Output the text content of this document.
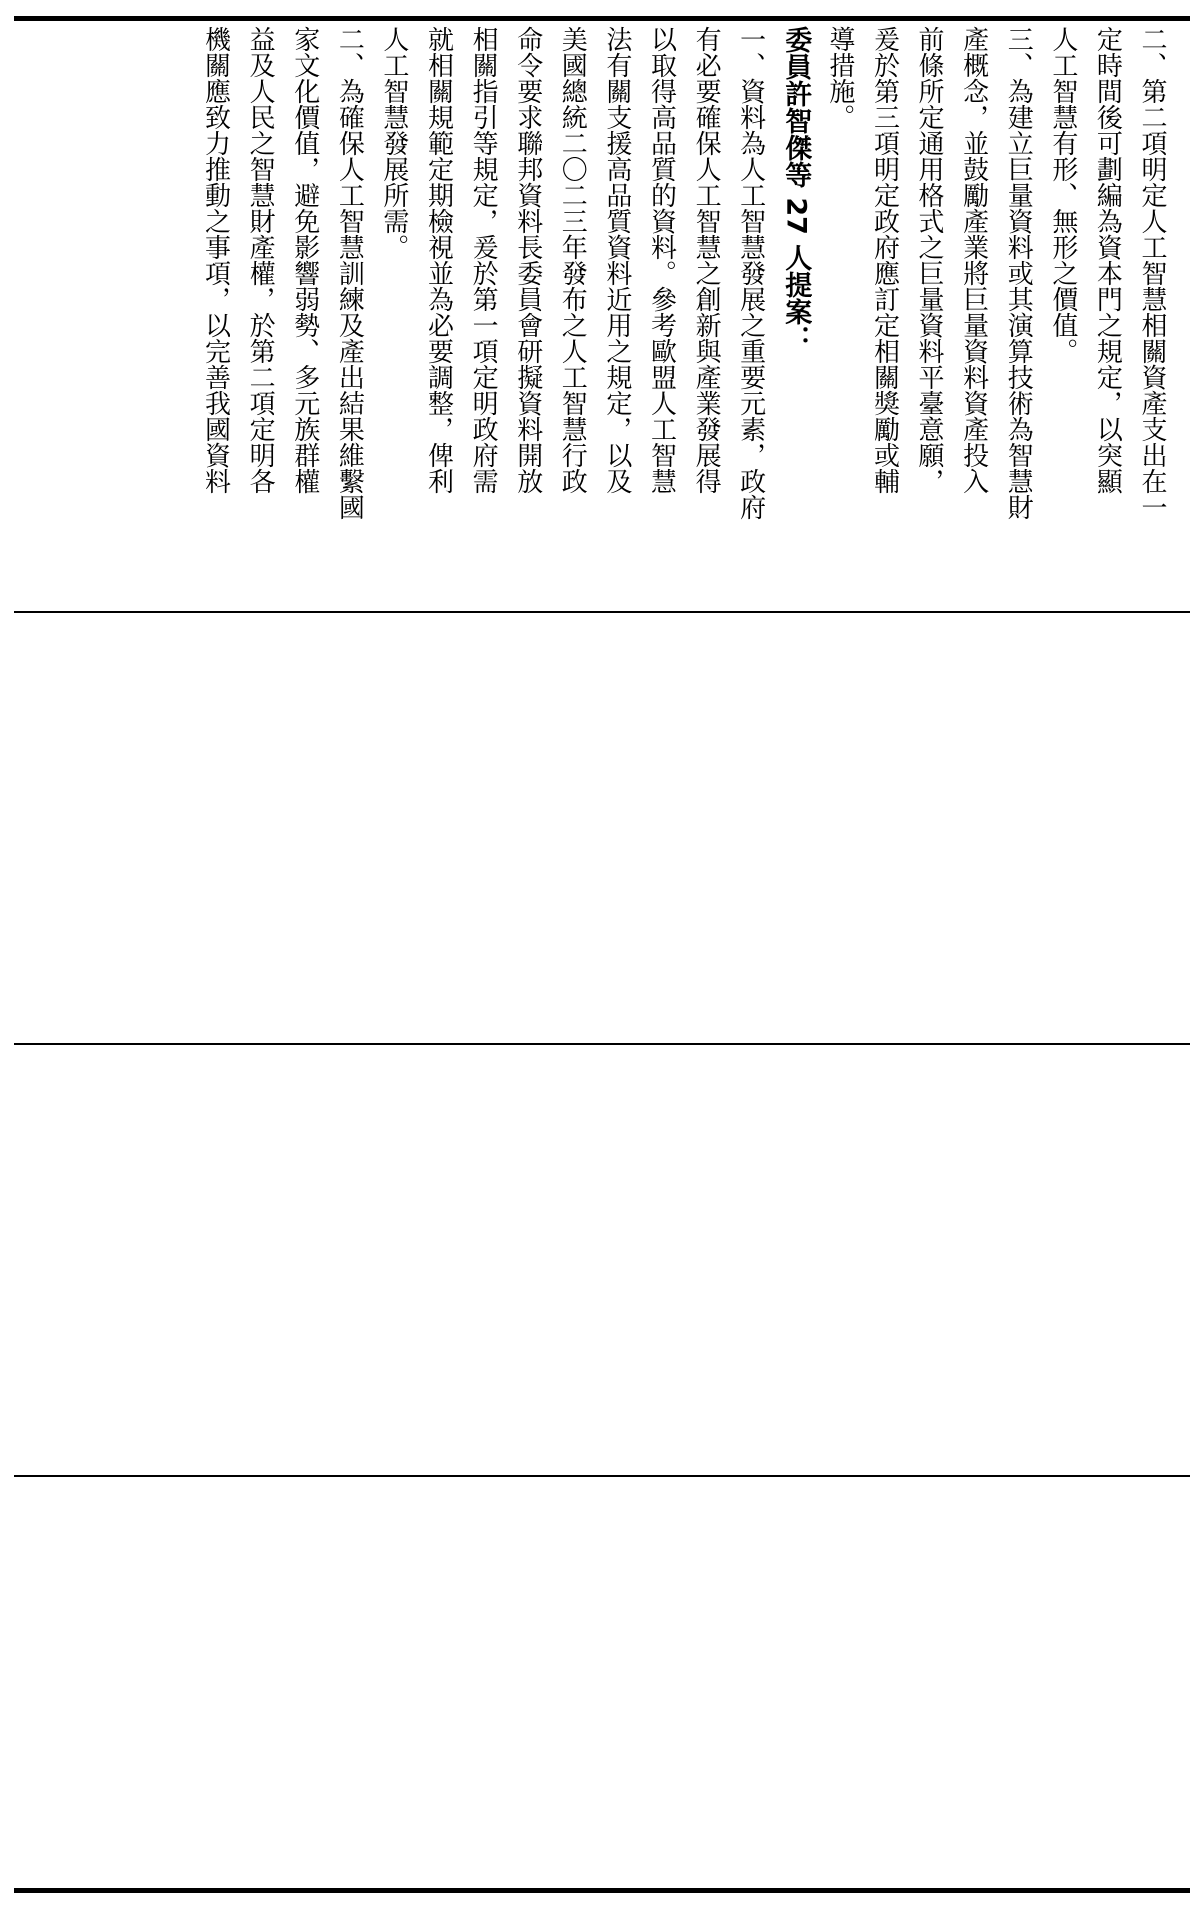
二、第二項明定人工智慧相關資產支出在一
定時間後可劃編為資本門之規定，以突顯
人工智慧有形、無形之價值。
三、為建立巨量資料或其演算技術為智慧財
產概念，並鼓勵產業將巨量資料資產投入
前條所定通用格式之巨量資料平臺意願，
爰於第三項明定政府應訂定相關獎勵或輔
導措施。
委員許智傑等 27 人提案：
一、資料為人工智慧發展之重要元素，政府
有必要確保人工智慧之創新與產業發展得
以取得高品質的資料。參考歐盟人工智慧
法有關支援高品質資料近用之規定，以及
美國總統二〇二三年發布之人工智慧行政
命令要求聯邦資料長委員會研擬資料開放
相關指引等規定，爰於第一項定明政府需
就相關規範定期檢視並為必要調整，俾利
人工智慧發展所需。
二、為確保人工智慧訓練及產出結果維繫國
家文化價值，避免影響弱勢、多元族群權
益及人民之智慧財產權，於第二項定明各
機關應致力推動之事項，以完善我國資料
